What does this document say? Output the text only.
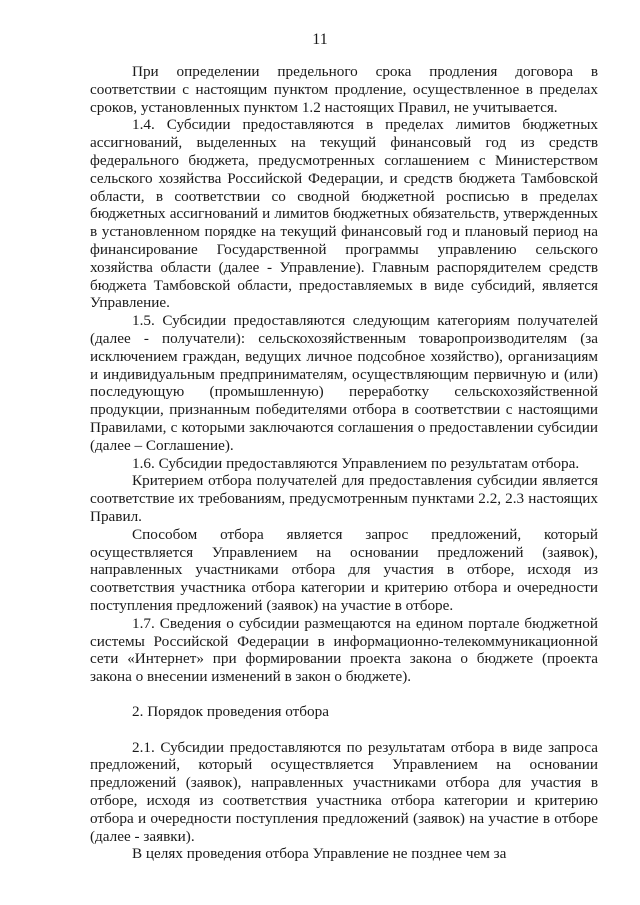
11

При определении предельного срока продления договора в соответствии с настоящим пунктом продление, осуществленное в пределах сроков, установленных пунктом 1.2 настоящих Правил, не учитывается.

1.4. Субсидии предоставляются в пределах лимитов бюджетных ассигнований, выделенных на текущий финансовый год из средств федерального бюджета, предусмотренных соглашением с Министерством сельского хозяйства Российской Федерации, и средств бюджета Тамбовской области, в соответствии со сводной бюджетной росписью в пределах бюджетных ассигнований и лимитов бюджетных обязательств, утвержденных в установленном порядке на текущий финансовый год и плановый период на финансирование Государственной программы управлению сельского хозяйства области (далее - Управление). Главным распорядителем средств бюджета Тамбовской области, предоставляемых в виде субсидий, является Управление.

1.5. Субсидии предоставляются следующим категориям получателей (далее - получатели): сельскохозяйственным товаропроизводителям (за исключением граждан, ведущих личное подсобное хозяйство), организациям и индивидуальным предпринимателям, осуществляющим первичную и (или) последующую (промышленную) переработку сельскохозяйственной продукции, признанным победителями отбора в соответствии с настоящими Правилами, с которыми заключаются соглашения о предоставлении субсидии (далее – Соглашение).

1.6. Субсидии предоставляются Управлением по результатам отбора.

Критерием отбора получателей для предоставления субсидии является соответствие их требованиям, предусмотренным пунктами 2.2, 2.3 настоящих Правил.

Способом отбора является запрос предложений, который осуществляется Управлением на основании предложений (заявок), направленных участниками отбора для участия в отборе, исходя из соответствия участника отбора категории и критерию отбора и очередности поступления предложений (заявок) на участие в отборе.

1.7. Сведения о субсидии размещаются на едином портале бюджетной системы Российской Федерации в информационно-телекоммуникационной сети «Интернет» при формировании проекта закона о бюджете (проекта закона о внесении изменений в закон о бюджете).

2. Порядок проведения отбора

2.1. Субсидии предоставляются по результатам отбора в виде запроса предложений, который осуществляется Управлением на основании предложений (заявок), направленных участниками отбора для участия в отборе, исходя из соответствия участника отбора категории и критерию отбора и очередности поступления предложений (заявок) на участие в отборе (далее - заявки).

В целях проведения отбора Управление не позднее чем за
